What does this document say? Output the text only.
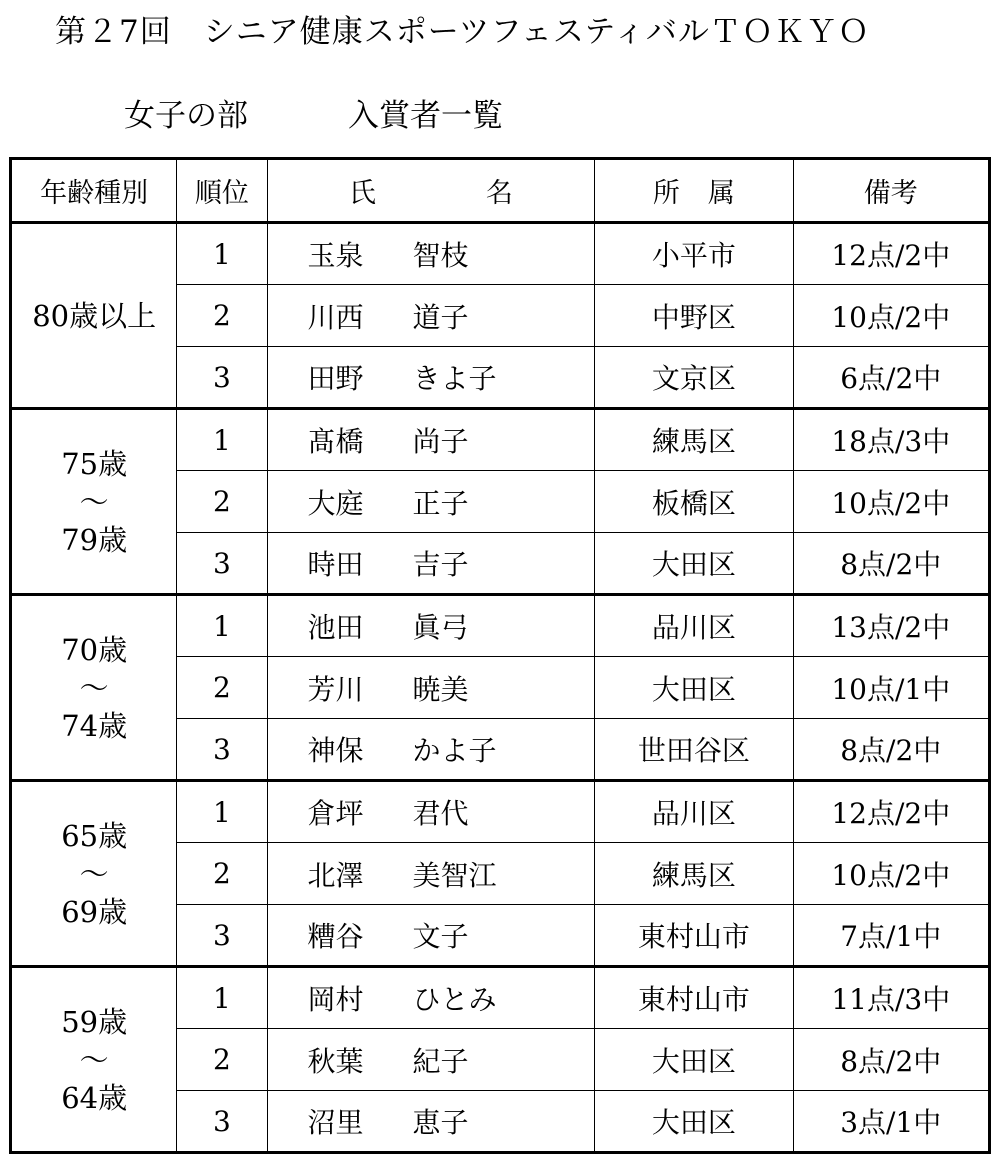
第２7回　シニア健康スポーツフェスティバルＴＯＫＹＯ
女子の部	入賞者一覧
年齢種別	順位	氏 名	所 属	備考

80歳以上	1	玉泉 智枝	小平市	12点/2中
	2	川西 道子	中野区	10点/2中
	3	田野 きよ子	文京区	6点/2中

75歳
～
79歳	1	髙橋 尚子	練馬区	18点/3中
	2	大庭 正子	板橋区	10点/2中
	3	時田 吉子	大田区	8点/2中

70歳
～
74歳	1	池田 眞弓	品川区	13点/2中
	2	芳川 暁美	大田区	10点/1中
	3	神保 かよ子	世田谷区	8点/2中

65歳
～
69歳	1	倉坪 君代	品川区	12点/2中
	2	北澤 美智江	練馬区	10点/2中
	3	糟谷 文子	東村山市	7点/1中

59歳
～
64歳	1	岡村 ひとみ	東村山市	11点/3中
	2	秋葉 紀子	大田区	8点/2中
	3	沼里 恵子	大田区	3点/1中
